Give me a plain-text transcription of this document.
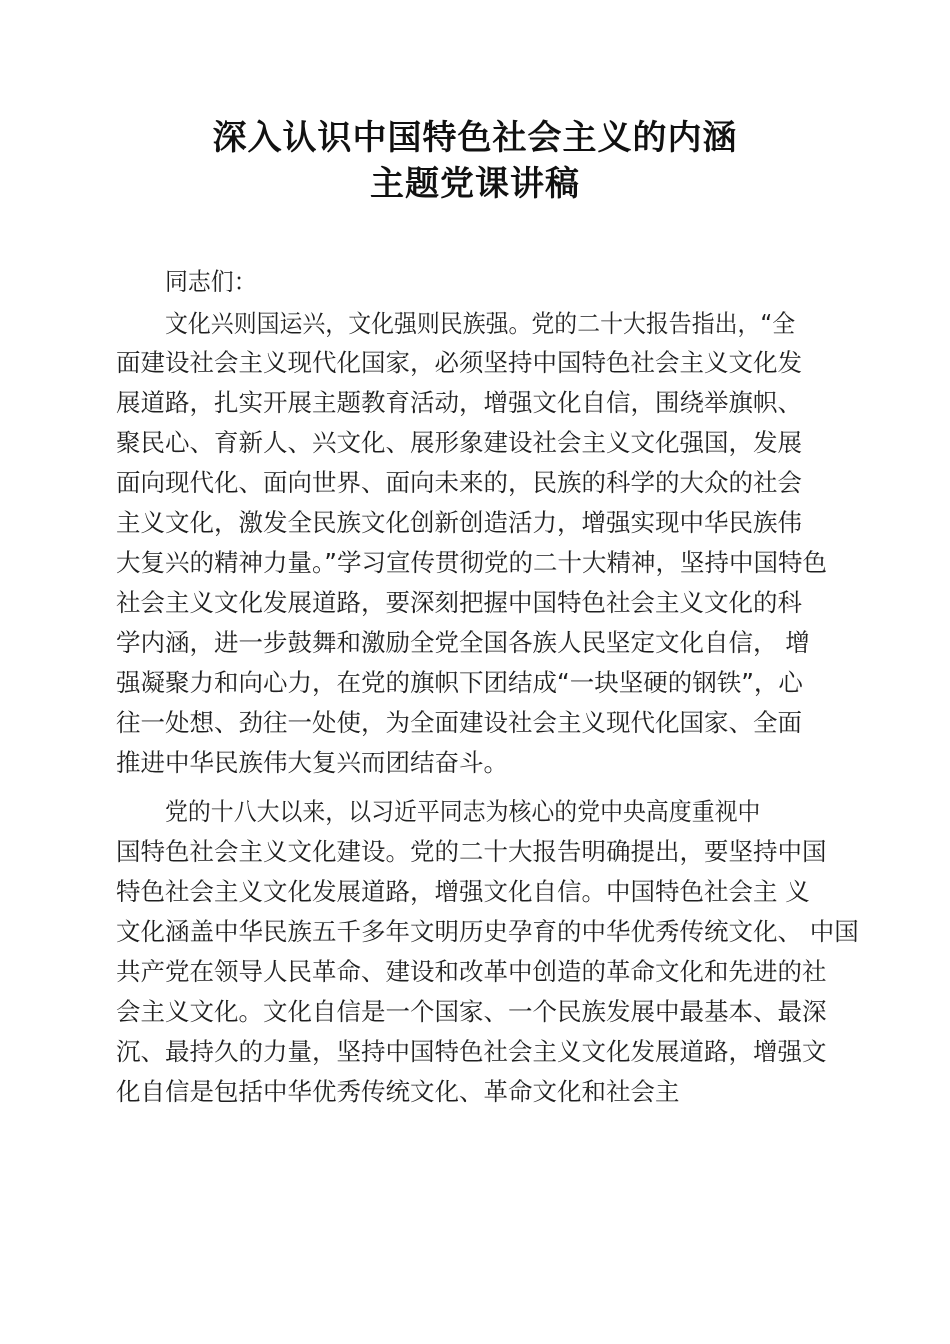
深入认识中国特色社会主义的内涵
主题党课讲稿
同志们：
文化兴则国运兴，文化强则民族强。党的二十大报告指出，“全
面建设社会主义现代化国家，必须坚持中国特色社会主义文化发
展道路，扎实开展主题教育活动，增强文化自信，围绕举旗帜、
聚民心、育新人、兴文化、展形象建设社会主义文化强国，发展
面向现代化、面向世界、面向未来的，民族的科学的大众的社会
主义文化，激发全民族文化创新创造活力，增强实现中华民族伟
大复兴的精神力量。”学习宣传贯彻党的二十大精神，坚持中国特色
社会主义文化发展道路，要深刻把握中国特色社会主义文化的科
学内涵，进一步鼓舞和激励全党全国各族人民坚定文化自信， 增
强凝聚力和向心力，在党的旗帜下团结成“一块坚硬的钢铁”，心
往一处想、劲往一处使，为全面建设社会主义现代化国家、全面
推进中华民族伟大复兴而团结奋斗。
党的十八大以来，以习近平同志为核心的党中央高度重视中
国特色社会主义文化建设。党的二十大报告明确提出，要坚持中国
特色社会主义文化发展道路，增强文化自信。中国特色社会主 义
文化涵盖中华民族五千多年文明历史孕育的中华优秀传统文化、 中国
共产党在领导人民革命、建设和改革中创造的革命文化和先进的社
会主义文化。文化自信是一个国家、一个民族发展中最基本、最深
沉、最持久的力量，坚持中国特色社会主义文化发展道路，增强文
化自信是包括中华优秀传统文化、革命文化和社会主
